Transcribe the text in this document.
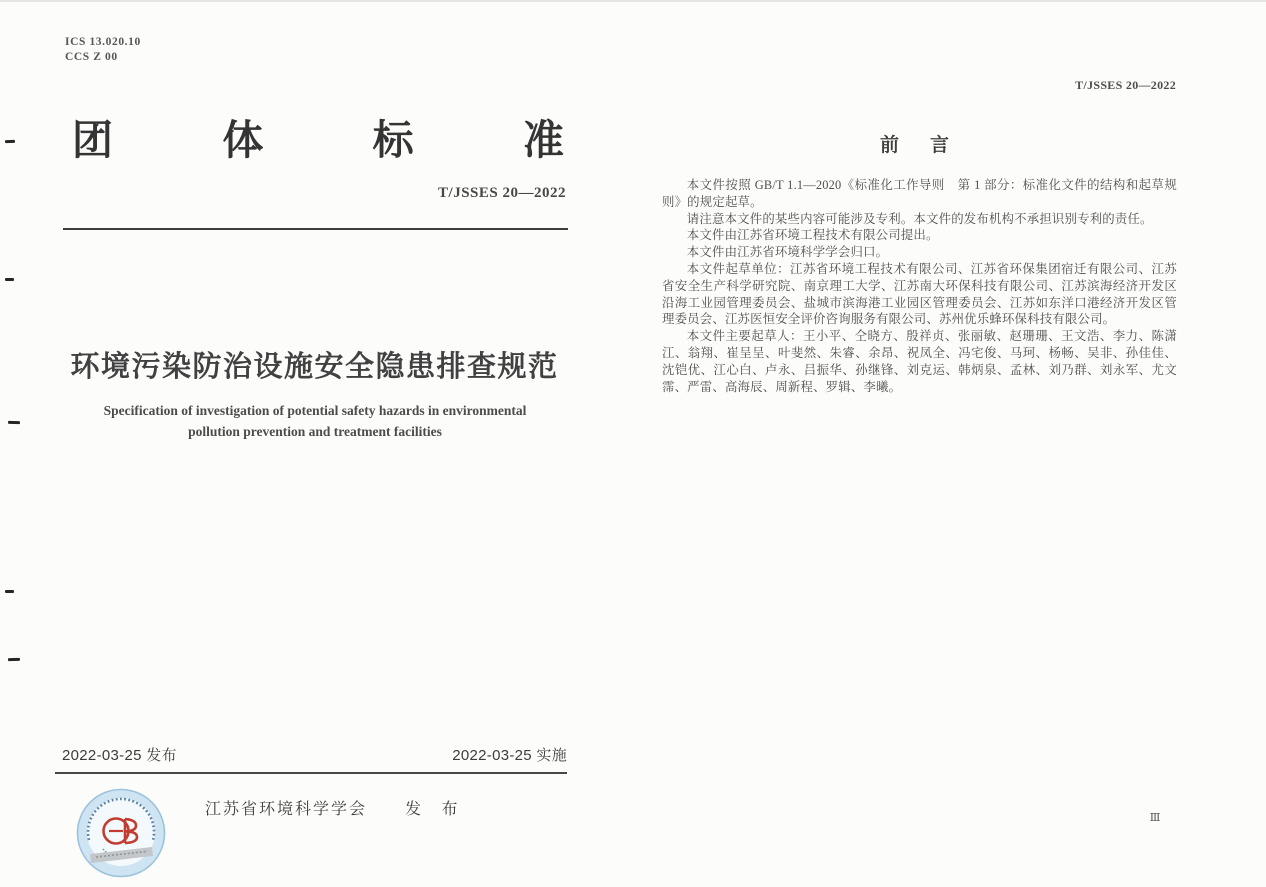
ICS 13.020.10
CCS Z 00
团	体	标	准
T/JSSES 20—2022
环境污染防治设施安全隐患排查规范
Specification of investigation of potential safety hazards in environmental
pollution prevention and treatment facilities
2022-03-25 发布	2022-03-25 实施
江苏省环境科学学会 发 布
T/JSSES 20—2022
前　言

本文件按照 GB/T 1.1—2020《标准化工作导则　第 1 部分：标准化文件的结构和起草规则》的规定起草。

请注意本文件的某些内容可能涉及专利。本文件的发布机构不承担识别专利的责任。

本文件由江苏省环境工程技术有限公司提出。

本文件由江苏省环境科学学会归口。

本文件起草单位：江苏省环境工程技术有限公司、江苏省环保集团宿迁有限公司、江苏省安全生产科学研究院、南京理工大学、江苏南大环保科技有限公司、江苏滨海经济开发区沿海工业园管理委员会、盐城市滨海港工业园区管理委员会、江苏如东洋口港经济开发区管理委员会、江苏医恒安全评价咨询服务有限公司、苏州优乐蜂环保科技有限公司。

本文件主要起草人：王小平、仝晓方、殷祥贞、张丽敏、赵珊珊、王文浩、李力、陈潇江、翁翔、崔呈呈、叶斐然、朱睿、余昂、祝凤全、冯宅俊、马珂、杨畅、吴非、孙佳佳、沈铠优、江心白、卢永、吕振华、孙继锋、刘克运、韩炳泉、孟林、刘乃群、刘永军、尤文霈、严雷、高海辰、周新程、罗辑、李曦。

Ⅲ
